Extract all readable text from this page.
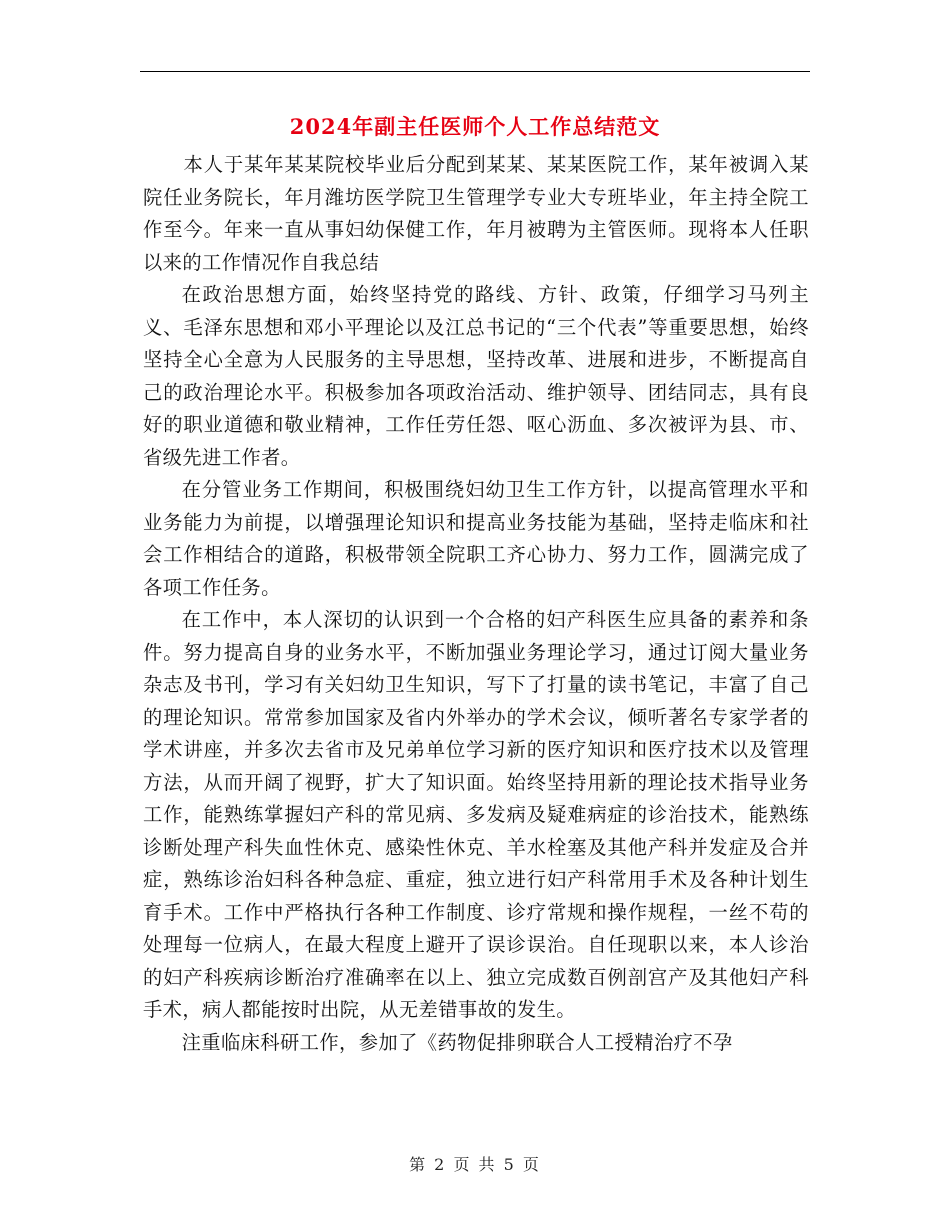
2024年副主任医师个人工作总结范文

本人于某年某某院校毕业后分配到某某、某某医院工作，某年被调入某院任业务院长，年月潍坊医学院卫生管理学专业大专班毕业，年主持全院工作至今。年来一直从事妇幼保健工作，年月被聘为主管医师。现将本人任职以来的工作情况作自我总结

在政治思想方面，始终坚持党的路线、方针、政策，仔细学习马列主义、毛泽东思想和邓小平理论以及江总书记的“三个代表”等重要思想，始终坚持全心全意为人民服务的主导思想，坚持改革、进展和进步，不断提高自己的政治理论水平。积极参加各项政治活动、维护领导、团结同志，具有良好的职业道德和敬业精神，工作任劳任怨、呕心沥血、多次被评为县、市、省级先进工作者。

在分管业务工作期间，积极围绕妇幼卫生工作方针，以提高管理水平和业务能力为前提，以增强理论知识和提高业务技能为基础，坚持走临床和社会工作相结合的道路，积极带领全院职工齐心协力、努力工作，圆满完成了各项工作任务。

在工作中，本人深切的认识到一个合格的妇产科医生应具备的素养和条件。努力提高自身的业务水平，不断加强业务理论学习，通过订阅大量业务杂志及书刊，学习有关妇幼卫生知识，写下了打量的读书笔记，丰富了自己的理论知识。常常参加国家及省内外举办的学术会议，倾听著名专家学者的学术讲座，并多次去省市及兄弟单位学习新的医疗知识和医疗技术以及管理方法，从而开阔了视野，扩大了知识面。始终坚持用新的理论技术指导业务工作，能熟练掌握妇产科的常见病、多发病及疑难病症的诊治技术，能熟练诊断处理产科失血性休克、感染性休克、羊水栓塞及其他产科并发症及合并症，熟练诊治妇科各种急症、重症，独立进行妇产科常用手术及各种计划生育手术。工作中严格执行各种工作制度、诊疗常规和操作规程，一丝不苟的处理每一位病人，在最大程度上避开了误诊误治。自任现职以来，本人诊治的妇产科疾病诊断治疗准确率在以上、独立完成数百例剖宫产及其他妇产科手术，病人都能按时出院，从无差错事故的发生。

注重临床科研工作，参加了《药物促排卵联合人工授精治疗不孕

第 2 页 共 5 页
